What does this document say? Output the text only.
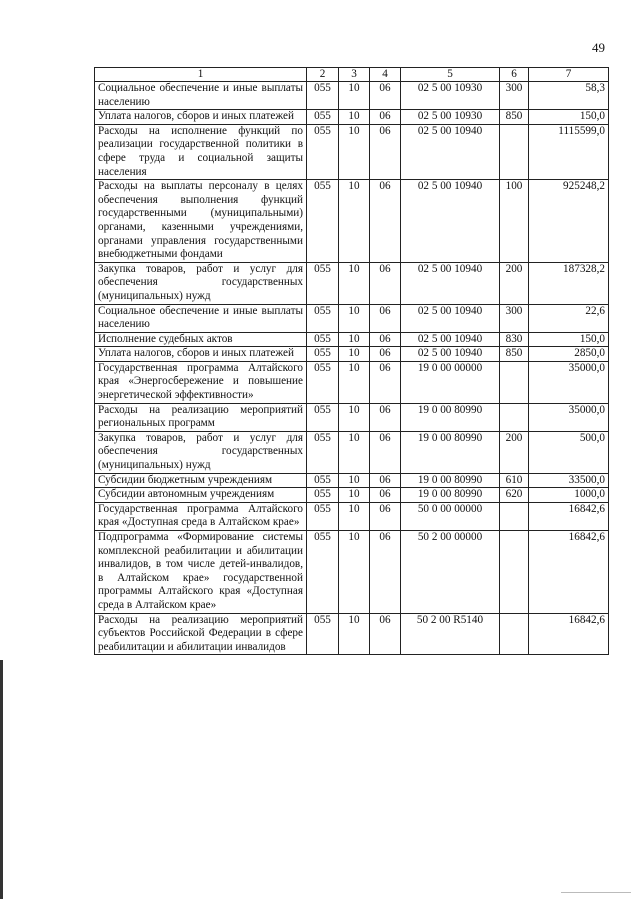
49
1	2	3	4	5	6	7
Социальное обеспечение и иные выплаты населению	055	10	06	02 5 00 10930	300	58,3
Уплата налогов, сборов и иных платежей	055	10	06	02 5 00 10930	850	150,0
Расходы на исполнение функций по реализации государственной политики в сфере труда и социальной защиты населения	055	10	06	02 5 00 10940		1115599,0
Расходы на выплаты персоналу в целях обеспечения выполнения функций государственными (муниципальными) органами, казенными учреждениями, органами управления государственными внебюджетными фондами	055	10	06	02 5 00 10940	100	925248,2
Закупка товаров, работ и услуг для обеспечения государственных (муниципальных) нужд	055	10	06	02 5 00 10940	200	187328,2
Социальное обеспечение и иные выплаты населению	055	10	06	02 5 00 10940	300	22,6
Исполнение судебных актов	055	10	06	02 5 00 10940	830	150,0
Уплата налогов, сборов и иных платежей	055	10	06	02 5 00 10940	850	2850,0
Государственная программа Алтайского края «Энергосбережение и повышение энергетической эффективности»	055	10	06	19 0 00 00000		35000,0
Расходы на реализацию мероприятий региональных программ	055	10	06	19 0 00 80990		35000,0
Закупка товаров, работ и услуг для обеспечения государственных (муниципальных) нужд	055	10	06	19 0 00 80990	200	500,0
Субсидии бюджетным учреждениям	055	10	06	19 0 00 80990	610	33500,0
Субсидии автономным учреждениям	055	10	06	19 0 00 80990	620	1000,0
Государственная программа Алтайского края «Доступная среда в Алтайском крае»	055	10	06	50 0 00 00000		16842,6
Подпрограмма «Формирование системы комплексной реабилитации и абилитации инвалидов, в том числе детей-инвалидов, в Алтайском крае» государственной программы Алтайского края «Доступная среда в Алтайском крае»	055	10	06	50 2 00 00000		16842,6
Расходы на реализацию мероприятий субъектов Российской Федерации в сфере реабилитации и абилитации инвалидов	055	10	06	50 2 00 R5140		16842,6
